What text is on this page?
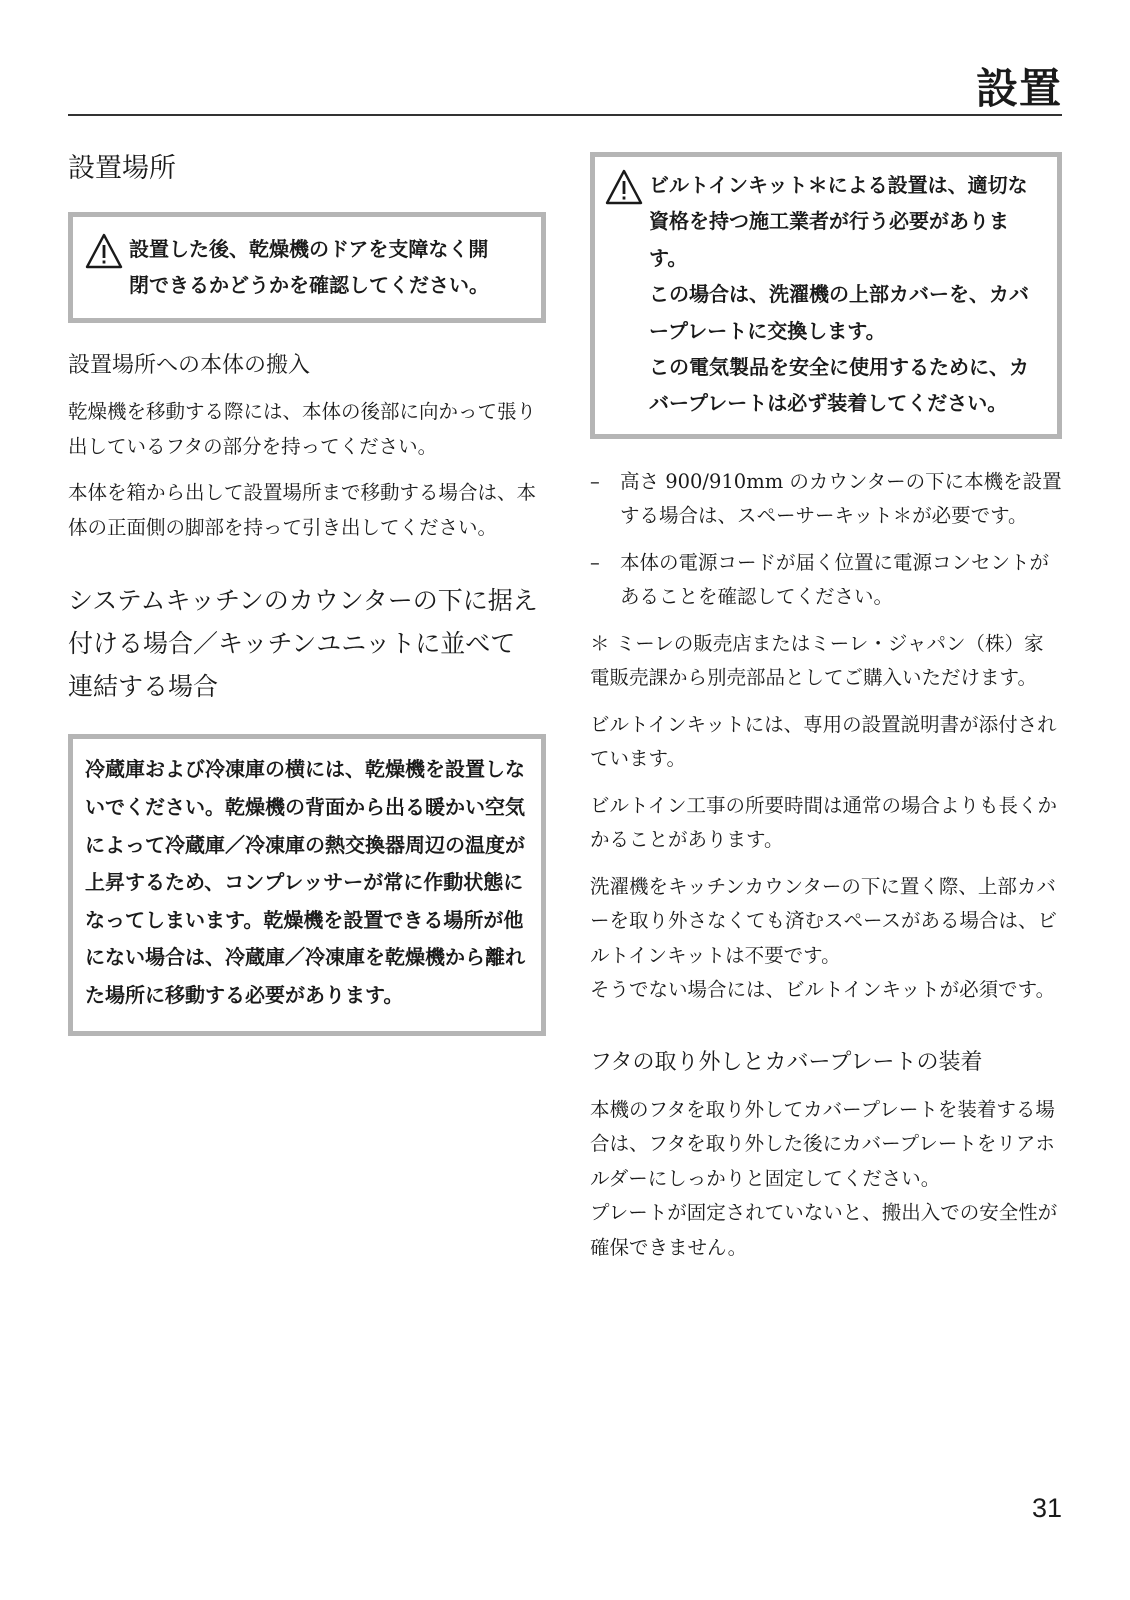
設置
設置場所

設置した後、乾燥機のドアを支障なく開

閉できるかどうかを確認してください。

設置場所への本体の搬入

乾燥機を移動する際には、本体の後部に向かって張り出しているフタの部分を持ってください。

本体を箱から出して設置場所まで移動する場合は、本体の正面側の脚部を持って引き出してください。

システムキッチンのカウンターの下に据え
付ける場合／キッチンユニットに並べて
連結する場合

冷蔵庫および冷凍庫の横には、乾燥機を設置しないでください。乾燥機の背面から出る暖かい空気によって冷蔵庫／冷凍庫の熱交換器周辺の温度が上昇するため、コンプレッサーが常に作動状態になってしまいます。乾燥機を設置できる場所が他にない場合は、冷蔵庫／冷凍庫を乾燥機から離れた場所に移動する必要があります。

ビルトインキット＊による設置は、適切な資格を持つ施工業者が行う必要があります。

この場合は、洗濯機の上部カバーを、カバープレートに交換します。

この電気製品を安全に使用するために、カバープレートは必ず装着してください。

– 高さ 900/910mm のカウンターの下に本機を設置する場合は、スペーサーキット＊が必要です。
– 本体の電源コードが届く位置に電源コンセントがあることを確認してください。

＊ ミーレの販売店またはミーレ・ジャパン（株）家電販売課から別売部品としてご購入いただけます。

ビルトインキットには、専用の設置説明書が添付されています。

ビルトイン工事の所要時間は通常の場合よりも長くかかることがあります。

洗濯機をキッチンカウンターの下に置く際、上部カバーを取り外さなくても済むスペースがある場合は、ビルトインキットは不要です。
そうでない場合には、ビルトインキットが必須です。

フタの取り外しとカバープレートの装着

本機のフタを取り外してカバープレートを装着する場合は、フタを取り外した後にカバープレートをリアホルダーにしっかりと固定してください。
プレートが固定されていないと、搬出入での安全性が確保できません。

31
